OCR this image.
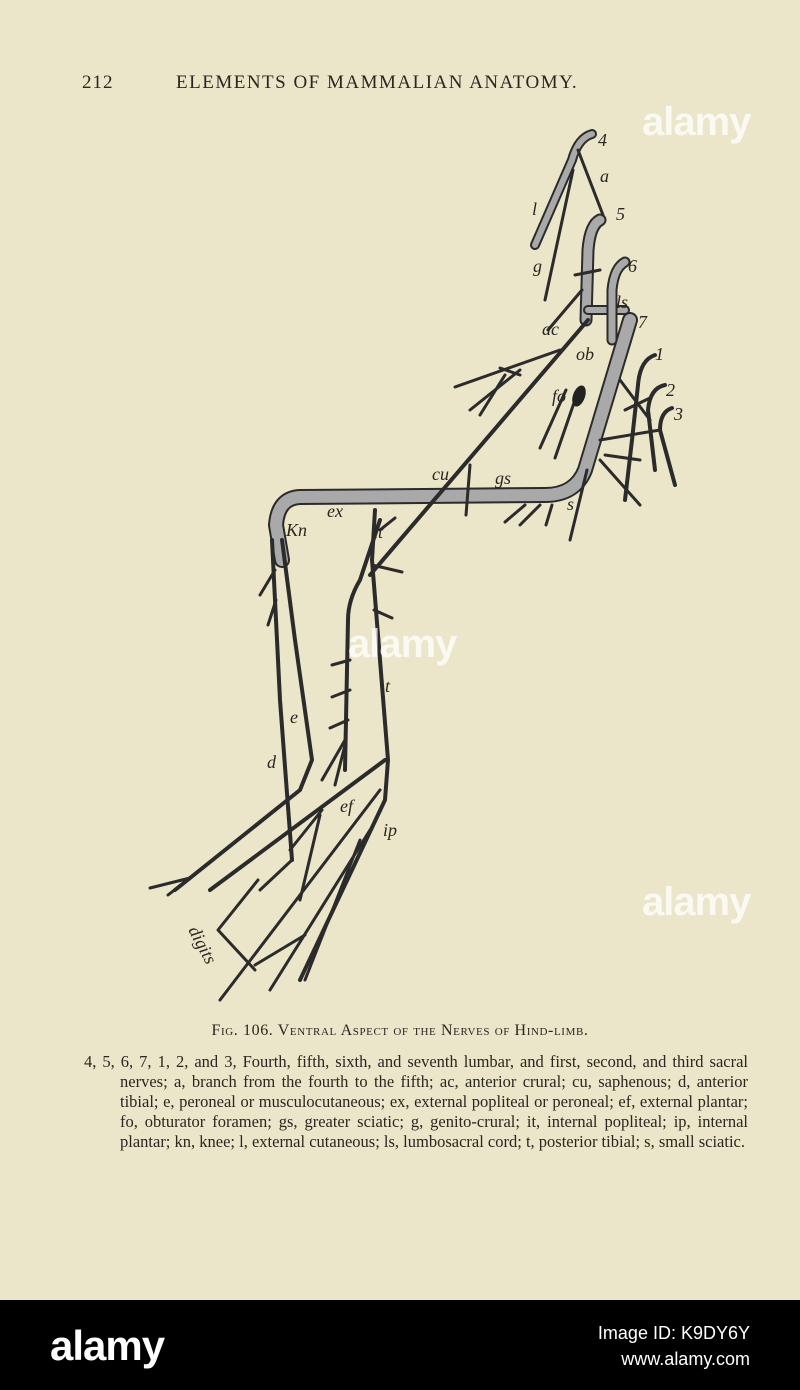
212	ELEMENTS OF MAMMALIAN ANATOMY.
4
a
5
l
g	6
ls
ac	7
ob	1
fo	2
3
cu	gs
s
ex
Kn	it
t
e
d
ef
ip
digits
alamy
alamy
alamy
Fig. 106. Ventral Aspect of the Nerves of Hind-limb.
4, 5, 6, 7, 1, 2, and 3, Fourth, fifth, sixth, and seventh lumbar, and first, second, and third sacral nerves; a, branch from the fourth to the fifth; ac, anterior crural; cu, saphenous; d, anterior tibial; e, peroneal or musculocutaneous; ex, external popliteal or peroneal; ef, external plantar; fo, obturator foramen; gs, greater sciatic; g, genito-crural; it, internal popliteal; ip, internal plantar; kn, knee; l, external cutaneous; ls, lumbosacral cord; t, posterior tibial; s, small sciatic.
alamy	Image ID: K9DY6Y
www.alamy.com
